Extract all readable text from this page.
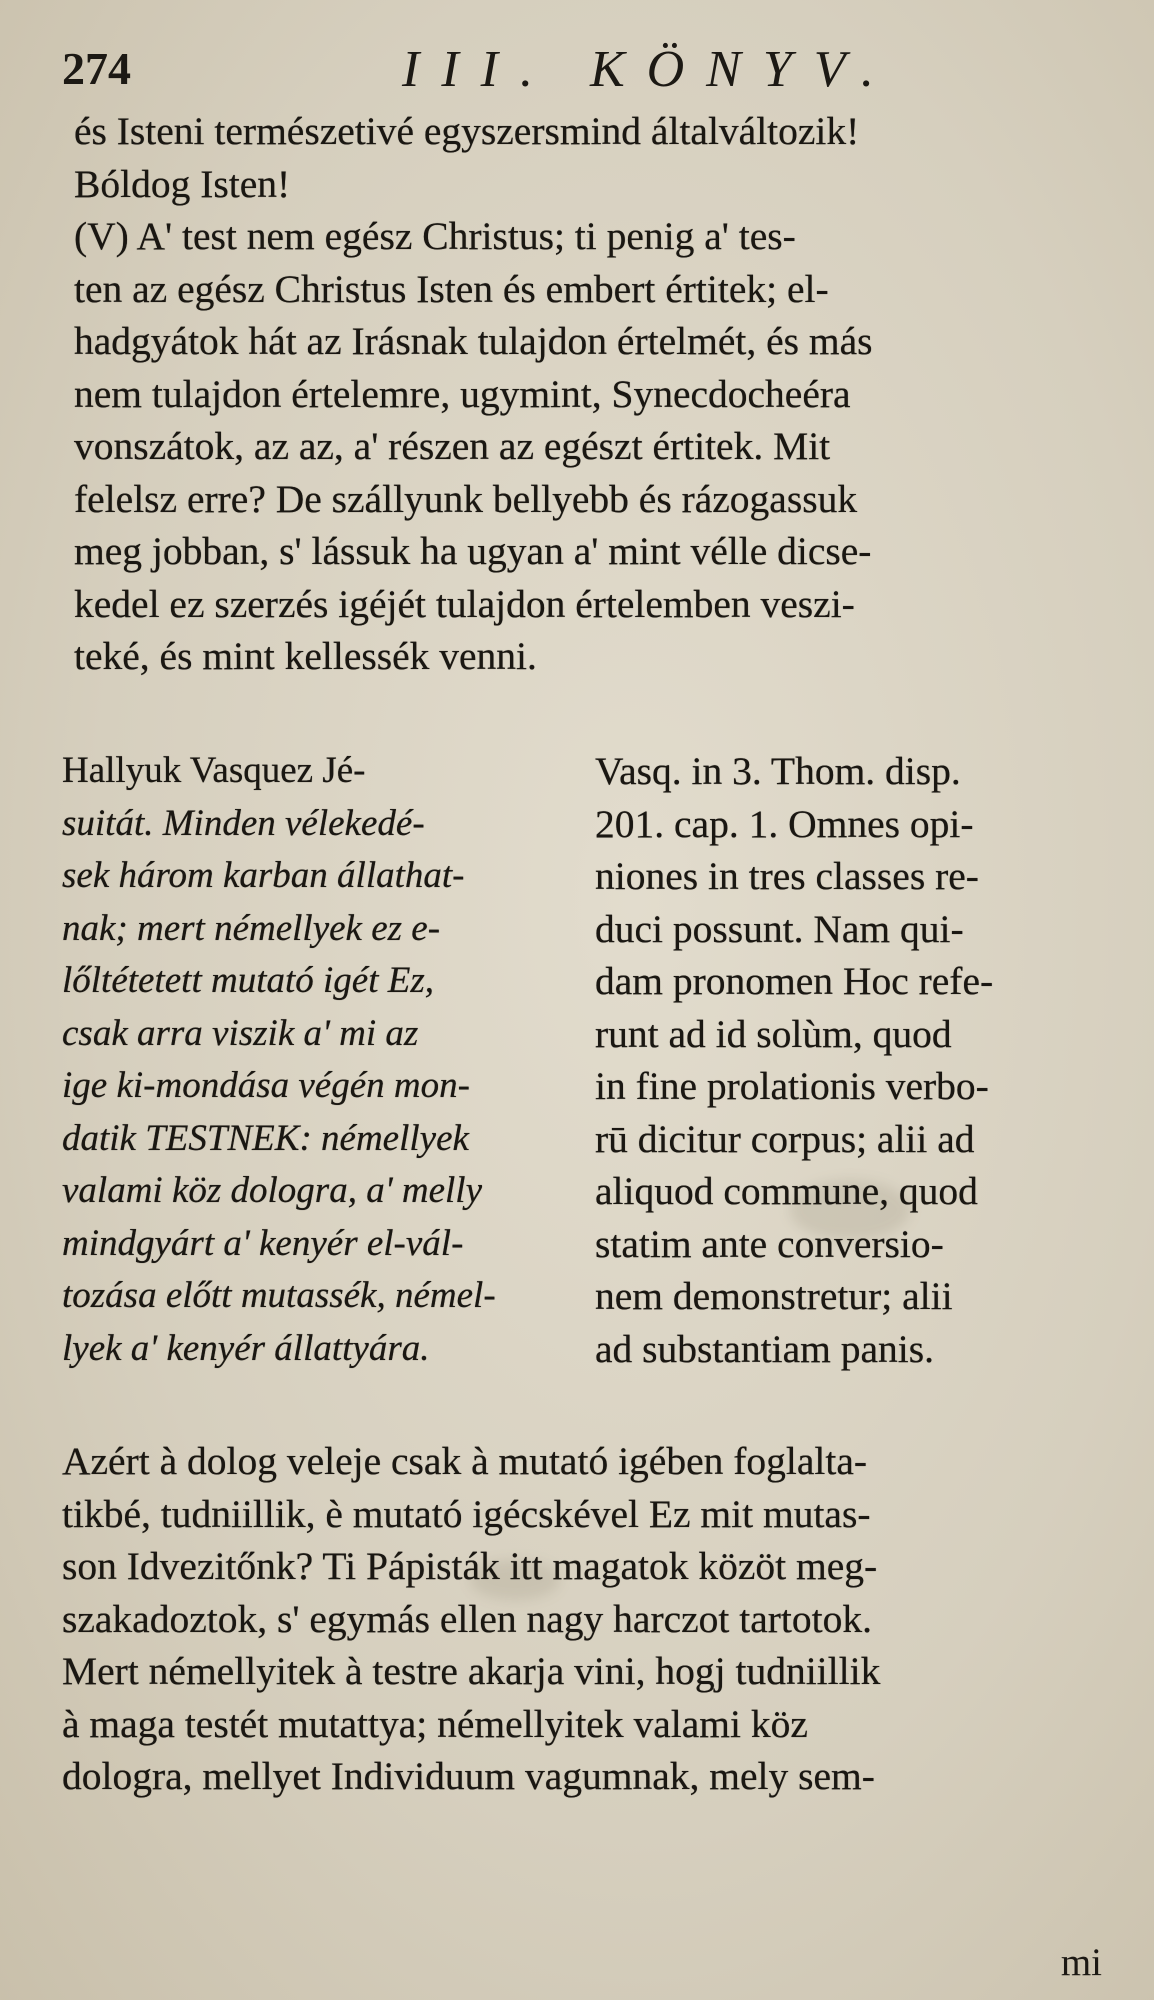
274	III. KÖNYV.
és Isteni természetivé egyszersmind általváltozik!
Bóldog Isten!
(V) A' test nem egész Christus; ti penig a' tes-
ten az egész Christus Isten és embert értitek; el-
hadgyátok hát az Irásnak tulajdon értelmét, és más
nem tulajdon értelemre, ugymint, Synecdocheéra
vonszátok, az az, a' részen az egészt értitek. Mit
felelsz erre? De szállyunk bellyebb és rázogassuk
meg jobban, s' lássuk ha ugyan a' mint vélle dicse-
kedel ez szerzés igéjét tulajdon értelemben veszi-
teké, és mint kellessék venni.
Hallyuk Vasquez Jé-
suitát. Minden vélekedé-
sek három karban állathat-
nak; mert némellyek ez e-
lőltétetett mutató igét Ez,
csak arra viszik a' mi az
ige ki-mondása végén mon-
datik TESTNEK: némellyek
valami köz dologra, a' melly
mindgyárt a' kenyér el-vál-
tozása előtt mutassék, némel-
lyek a' kenyér állattyára.
Vasq. in 3. Thom. disp.
201. cap. 1. Omnes opi-
niones in tres classes re-
duci possunt. Nam qui-
dam pronomen Hoc refe-
runt ad id solùm, quod
in fine prolationis verbo-
rū dicitur corpus; alii ad
aliquod commune, quod
statim ante conversio-
nem demonstretur; alii
ad substantiam panis.
Azért à dolog veleje csak à mutató igében foglalta-
tikbé, tudniillik, è mutató igécskével Ez mit mutas-
son Idvezitőnk? Ti Pápisták itt magatok közöt meg-
szakadoztok, s' egymás ellen nagy harczot tartotok.
Mert némellyitek à testre akarja vini, hogj tudniillik
à maga testét mutattya; némellyitek valami köz
dologra, mellyet Individuum vagumnak, mely sem-
mi
